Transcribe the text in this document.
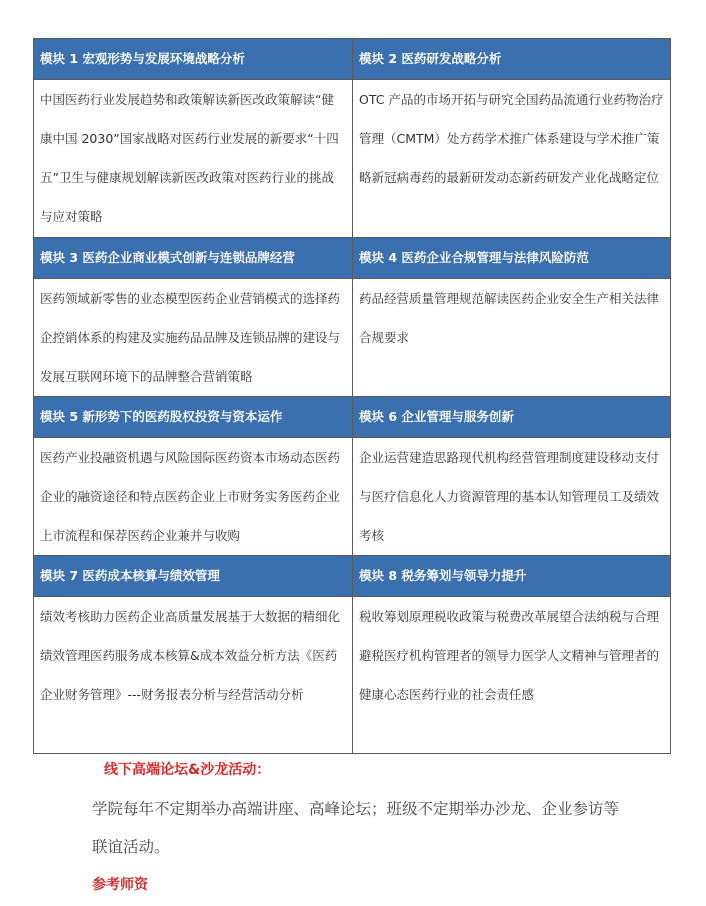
模块 1 宏观形势与发展环境战略分析	模块 2 医药研发战略分析

中国医药行业发展趋势和政策解读新医改政策解读“健康中国 2030”国家战略对医药行业发展的新要求“十四五”卫生与健康规划解读新医改政策对医药行业的挑战与应对策略	OTC 产品的市场开拓与研究全国药品流通行业药物治疗管理（CMTM）处方药学术推广体系建设与学术推广策略新冠病毒药的最新研发动态新药研发产业化战略定位

模块 3 医药企业商业模式创新与连锁品牌经营	模块 4 医药企业合规管理与法律风险防范

医药领域新零售的业态模型医药企业营销模式的选择药企控销体系的构建及实施药品品牌及连锁品牌的建设与发展互联网环境下的品牌整合营销策略	药品经营质量管理规范解读医药企业安全生产相关法律合规要求

模块 5 新形势下的医药股权投资与资本运作	模块 6 企业管理与服务创新

医药产业投融资机遇与风险国际医药资本市场动态医药企业的融资途径和特点医药企业上市财务实务医药企业上市流程和保荐医药企业兼并与收购	企业运营建造思路现代机构经营管理制度建设移动支付与医疗信息化人力资源管理的基本认知管理员工及绩效考核

模块 7 医药成本核算与绩效管理	模块 8 税务筹划与领导力提升

绩效考核助力医药企业高质量发展基于大数据的精细化绩效管理医药服务成本核算&成本效益分析方法《医药企业财务管理》---财务报表分析与经营活动分析	税收筹划原理税收政策与税费改革展望合法纳税与合理避税医疗机构管理者的领导力医学人文精神与管理者的健康心态医药行业的社会责任感

线下高端论坛&沙龙活动：

学院每年不定期举办高端讲座、高峰论坛；班级不定期举办沙龙、企业参访等联谊活动。

参考师资
